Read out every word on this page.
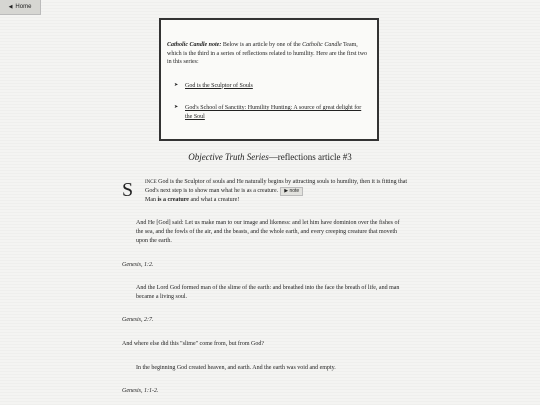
◀ Home

Catholic Candle note: Below is an article by one of the Catholic Candle Team, which is the third in a series of reflections related to humility. Here are the first two in this series:

➤ God is the Sculptor of Souls
➤ God's School of Sanctity: Humility Hunting: A source of great delight for the Soul
Objective Truth Series—reflections article #3
S INCE God is the Sculptor of souls and He naturally begins by attracting souls to humility, then it is fitting that God's next step is to show man what he is as a creature. ▶ note
Man is a creature and what a creature!

And He [God] said: Let us make man to our image and likeness: and let him have dominion over the fishes of the sea, and the fowls of the air, and the beasts, and the whole earth, and every creeping creature that moveth upon the earth.

Genesis, 1:2.

And the Lord God formed man of the slime of the earth: and breathed into the face the breath of life, and man became a living soul.

Genesis, 2:7.

And where else did this "slime" come from, but from God?

In the beginning God created heaven, and earth. And the earth was void and empty.

Genesis, 1:1-2.
